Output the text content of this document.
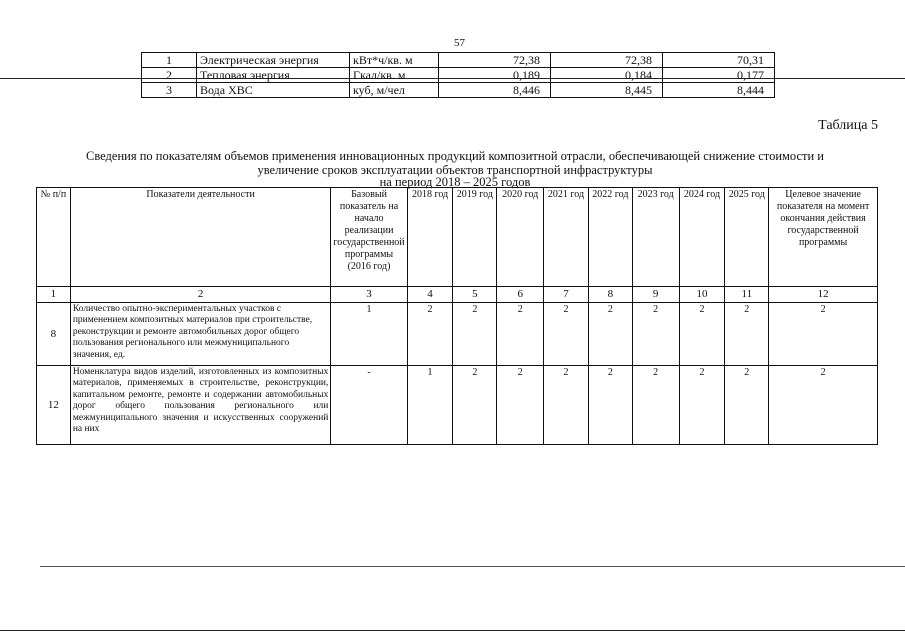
57
1	Электрическая энергия	кВт*ч/кв. м	72,38	72,38	70,31
2	Тепловая энергия	Гкал/кв. м	0,189	0,184	0,177
3	Вода ХВС	куб, м/чел	8,446	8,445	8,444
Таблица 5
Сведения по показателям объемов применения инновационных продукций композитной отрасли, обеспечивающей снижение стоимости и
увеличение сроков эксплуатации объектов транспортной инфраструктуры
на период 2018 – 2025 годов
№ п/п	Показатели деятельности	Базовый показатель на начало реализации государственной программы (2016 год)	2018 год	2019 год	2020 год	2021 год	2022 год	2023 год	2024 год	2025 год	Целевое значение показателя на момент окончания действия государственной программы
1	2	3	4	5	6	7	8	9	10	11	12
8	Количество опытно-экспериментальных участков с применением композитных материалов при строительстве, реконструкции и ремонте автомобильных дорог общего пользования регионального или межмуниципального значения, ед.	1	2	2	2	2	2	2	2	2	2
12	Номенклатура видов изделий, изготовленных из композитных материалов, применяемых в строительстве, реконструкции, капитальном ремонте, ремонте и содержании автомобильных дорог общего пользования регионального или межмуниципального значения и искусственных сооружений на них	-	1	2	2	2	2	2	2	2	2
